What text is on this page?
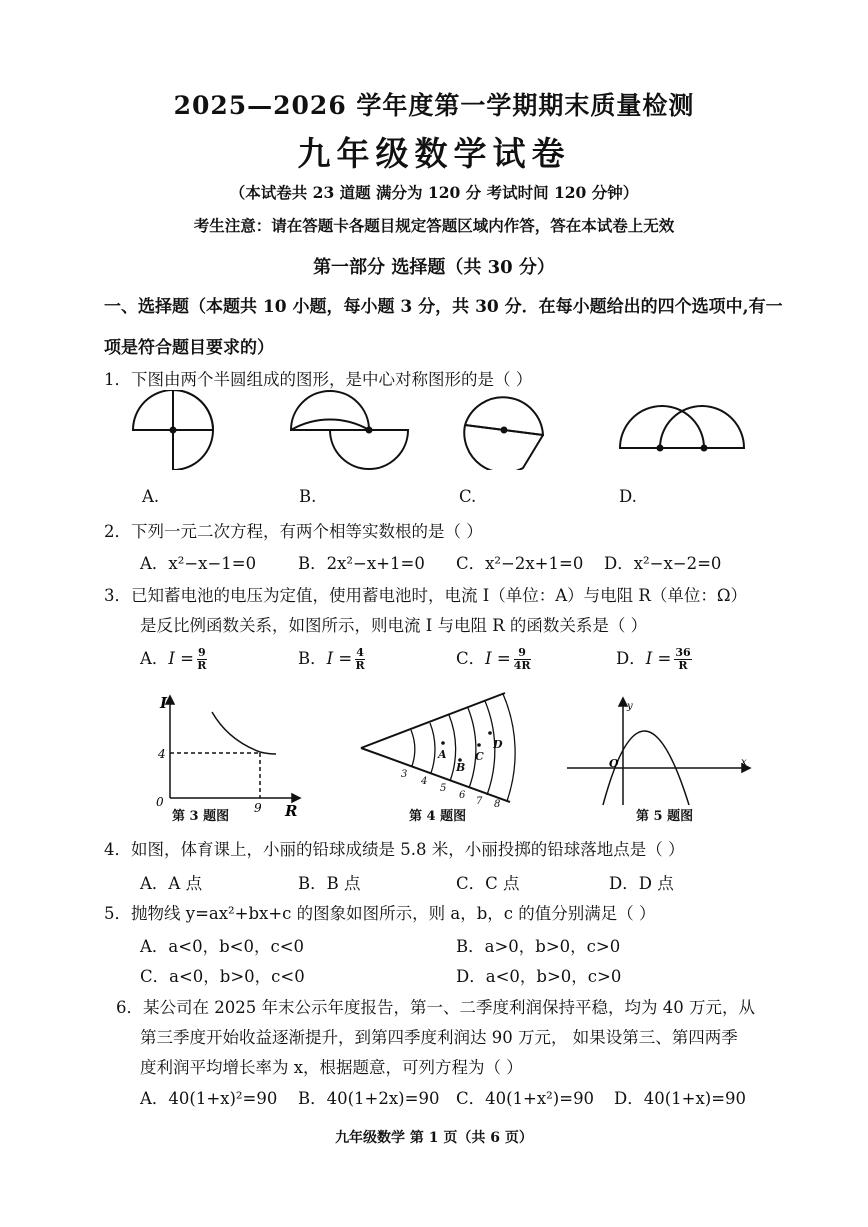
2025—2026 学年度第一学期期末质量检测
九年级数学试卷
（本试卷共 23 道题 满分为 120 分 考试时间 120 分钟）
考生注意：请在答题卡各题目规定答题区域内作答，答在本试卷上无效
第一部分 选择题（共 30 分）
一、选择题（本题共 10 小题，每小题 3 分，共 30 分．在每小题给出的四个选项中,有一
项是符合题目要求的）
1．下图由两个半圆组成的图形，是中心对称图形的是（ ）
A.	B.	C.	D.
2．下列一元二次方程，有两个相等实数根的是（ ）
A．x²−x−1=0	B．2x²−x+1=0 C．x²−2x+1=0 D．x²−x−2=0
3．已知蓄电池的电压为定值，使用蓄电池时，电流 I（单位：A）与电阻 R（单位：Ω）
是反比例函数关系，如图所示，则电流 I 与电阻 R 的函数关系是（ ）
A．$I = \frac{9}{R}$	B．$I = \frac{4}{R}$	C．$I = \frac{9}{4R}$	D．$I = \frac{36}{R}$
I
R
0
4
9
第 3 题图
3
4
5
6
7 8
A
B
C
D
第 4 题图
y
x
O
第 5 题图
4．如图，体育课上，小丽的铅球成绩是 5.8 米，小丽投掷的铅球落地点是（ ）
A．A 点	B．B 点	C．C 点	D．D 点
5．抛物线 y=ax²+bx+c 的图象如图所示，则 a，b，c 的值分别满足（ ）
A．a<0，b<0，c<0	B．a>0，b>0，c>0
C．a<0，b>0，c<0	D．a<0，b>0，c>0
6．某公司在 2025 年末公示年度报告，第一、二季度利润保持平稳，均为 40 万元，从
第三季度开始收益逐渐提升，到第四季度利润达 90 万元， 如果设第三、第四两季
度利润平均增长率为 x，根据题意，可列方程为（ ）
A．40(1+x)²=90 B．40(1+2x)=90 C．40(1+x²)=90 D．40(1+x)=90
九年级数学 第 1 页（共 6 页）
